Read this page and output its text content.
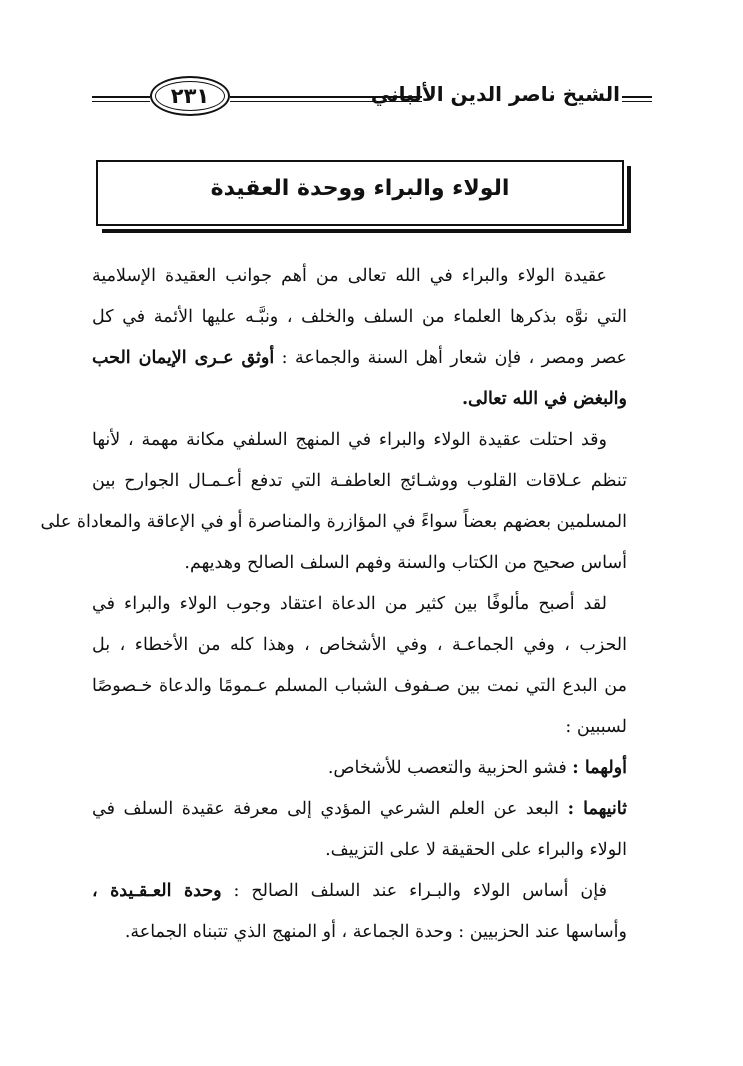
٢٣١	الشيخ ناصر الدين الألباني
الولاء والبراء ووحدة العقيدة
عقيدة الولاء والبراء في الله تعالى من أهم جوانب العقيدة الإسلامية
التي نوَّه بذكرها العلماء من السلف والخلف ، ونبَّـه عليها الأئمة في كل
عصر ومصر ، فإن شعار أهل السنة والجماعة : أوثق عـرى الإيمان الحب
والبغض في الله تعالى.
وقد احتلت عقيدة الولاء والبراء في المنهج السلفي مكانة مهمة ، لأنها
تنظم عـلاقات القلوب ووشـائج العاطفـة التي تدفع أعـمـال الجوارح بين
المسلمين بعضهم بعضاً سواءً في المؤازرة والمناصرة أو في الإعاقة والمعاداة على
أساس صحيح من الكتاب والسنة وفهم السلف الصالح وهديهم.
لقد أصبح مألوفًا بين كثير من الدعاة اعتقاد وجوب الولاء والبراء في
الحزب ، وفي الجماعـة ، وفي الأشخاص ، وهذا كله من الأخطاء ، بل
من البدع التي نمت بين صـفوف الشباب المسلم عـمومًا والدعاة خـصوصًا
لسببين :
أولهما : فشو الحزبية والتعصب للأشخاص.
ثانيهما : البعد عن العلم الشرعي المؤدي إلى معرفة عقيدة السلف في
الولاء والبراء على الحقيقة لا على التزييف.
فإن أساس الولاء والبـراء عند السلف الصالح : وحدة العـقـيدة ،
وأساسها عند الحزبيين : وحدة الجماعة ، أو المنهج الذي تتبناه الجماعة.
